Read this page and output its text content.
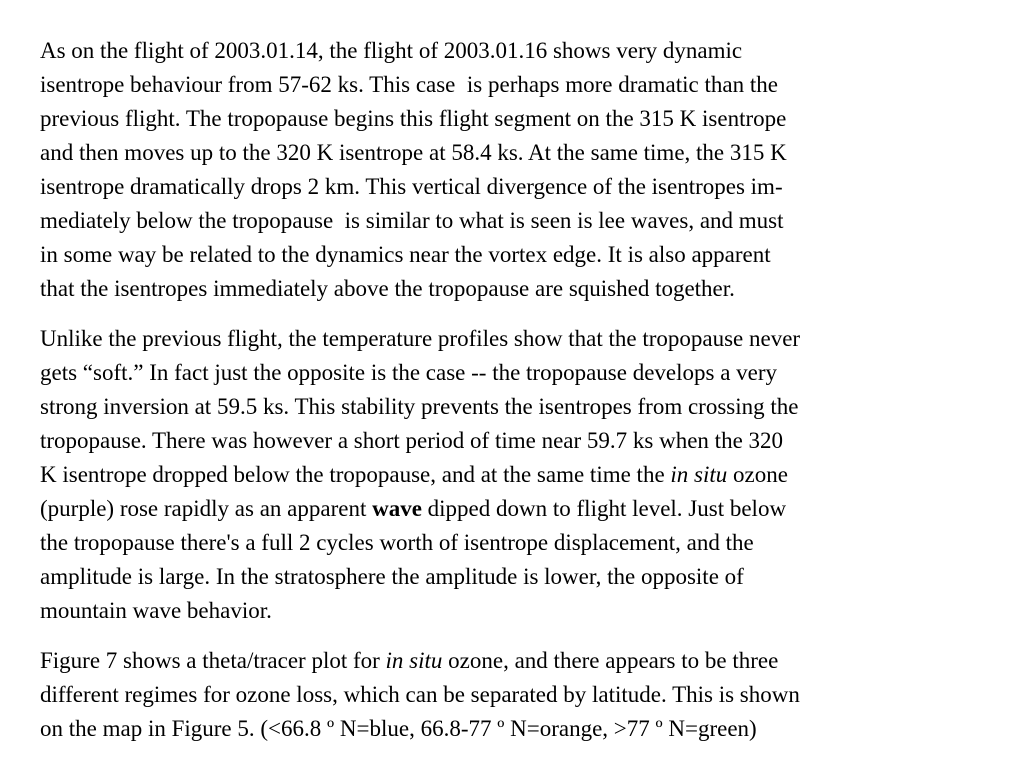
As on the flight of 2003.01.14, the flight of 2003.01.16 shows very dynamic
isentrope behaviour from 57-62 ks. This case  is perhaps more dramatic than the
previous flight. The tropopause begins this flight segment on the 315 K isentrope
and then moves up to the 320 K isentrope at 58.4 ks. At the same time, the 315 K
isentrope dramatically drops 2 km. This vertical divergence of the isentropes im-
mediately below the tropopause  is similar to what is seen is lee waves, and must
in some way be related to the dynamics near the vortex edge. It is also apparent
that the isentropes immediately above the tropopause are squished together.
Unlike the previous flight, the temperature profiles show that the tropopause never
gets “soft.” In fact just the opposite is the case -- the tropopause develops a very
strong inversion at 59.5 ks. This stability prevents the isentropes from crossing the
tropopause. There was however a short period of time near 59.7 ks when the 320
K isentrope dropped below the tropopause, and at the same time the in situ ozone
(purple) rose rapidly as an apparent wave dipped down to flight level. Just below
the tropopause there's a full 2 cycles worth of isentrope displacement, and the
amplitude is large. In the stratosphere the amplitude is lower, the opposite of
mountain wave behavior.
Figure 7 shows a theta/tracer plot for in situ ozone, and there appears to be three
different regimes for ozone loss, which can be separated by latitude. This is shown
on the map in Figure 5. (<66.8 º N=blue, 66.8-77 º N=orange, >77 º N=green)
